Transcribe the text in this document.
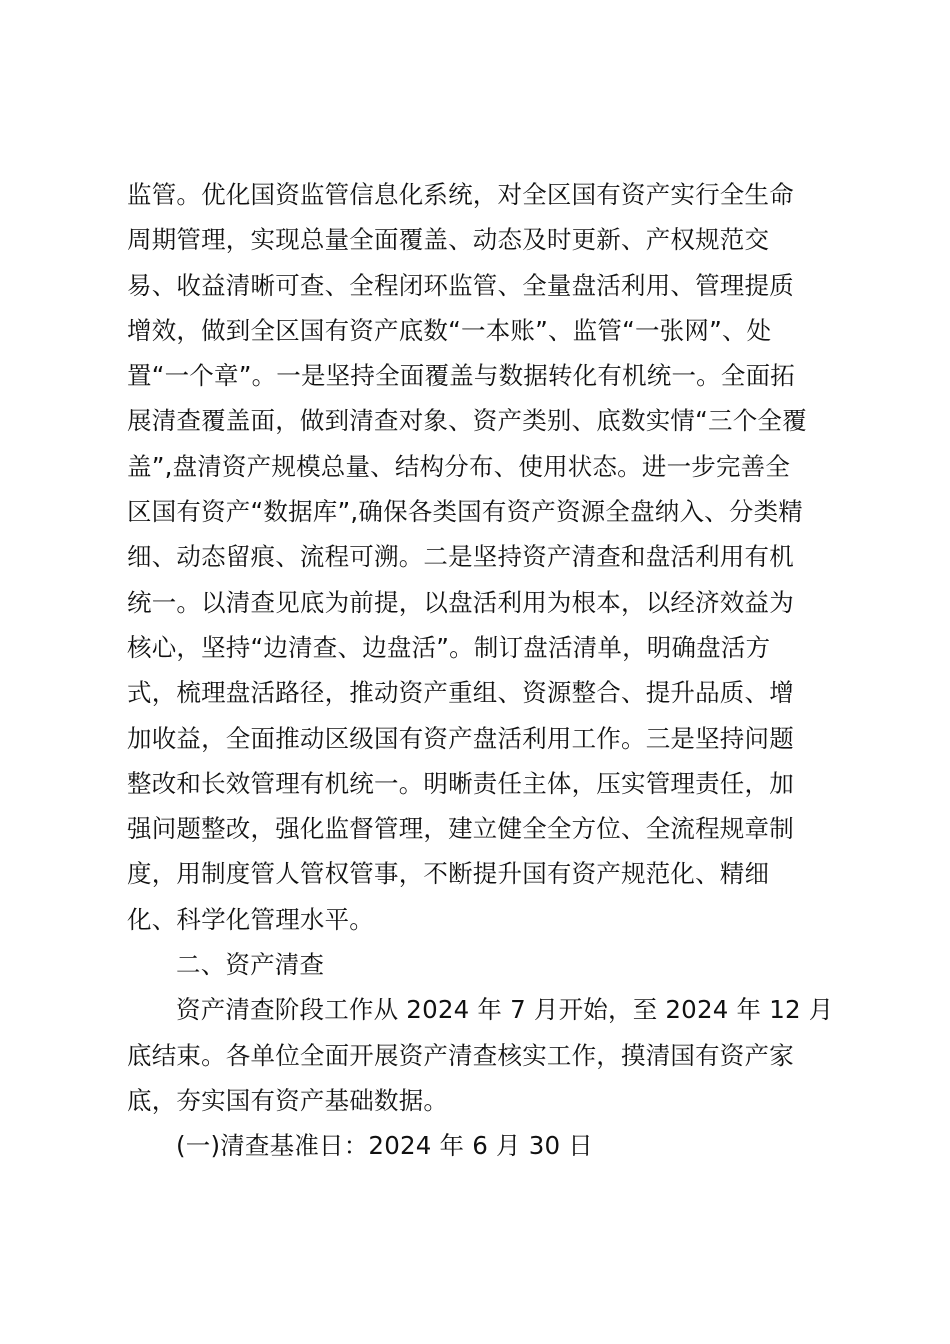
监管。优化国资监管信息化系统，对全区国有资产实行全生命
周期管理，实现总量全面覆盖、动态及时更新、产权规范交
易、收益清晰可查、全程闭环监管、全量盘活利用、管理提质
增效，做到全区国有资产底数“一本账”、监管“一张网”、处
置“一个章”。一是坚持全面覆盖与数据转化有机统一。全面拓
展清查覆盖面，做到清查对象、资产类别、底数实情“三个全覆
盖”,盘清资产规模总量、结构分布、使用状态。进一步完善全
区国有资产“数据库”,确保各类国有资产资源全盘纳入、分类精
细、动态留痕、流程可溯。二是坚持资产清查和盘活利用有机
统一。以清查见底为前提，以盘活利用为根本，以经济效益为
核心，坚持“边清查、边盘活”。制订盘活清单，明确盘活方
式，梳理盘活路径，推动资产重组、资源整合、提升品质、增
加收益，全面推动区级国有资产盘活利用工作。三是坚持问题
整改和长效管理有机统一。明晰责任主体，压实管理责任，加
强问题整改，强化监督管理，建立健全全方位、全流程规章制
度，用制度管人管权管事，不断提升国有资产规范化、精细
化、科学化管理水平。
二、资产清查
资产清查阶段工作从 2024 年 7 月开始，至 2024 年 12 月
底结束。各单位全面开展资产清查核实工作，摸清国有资产家
底，夯实国有资产基础数据。
(一)清查基准日：2024 年 6 月 30 日
